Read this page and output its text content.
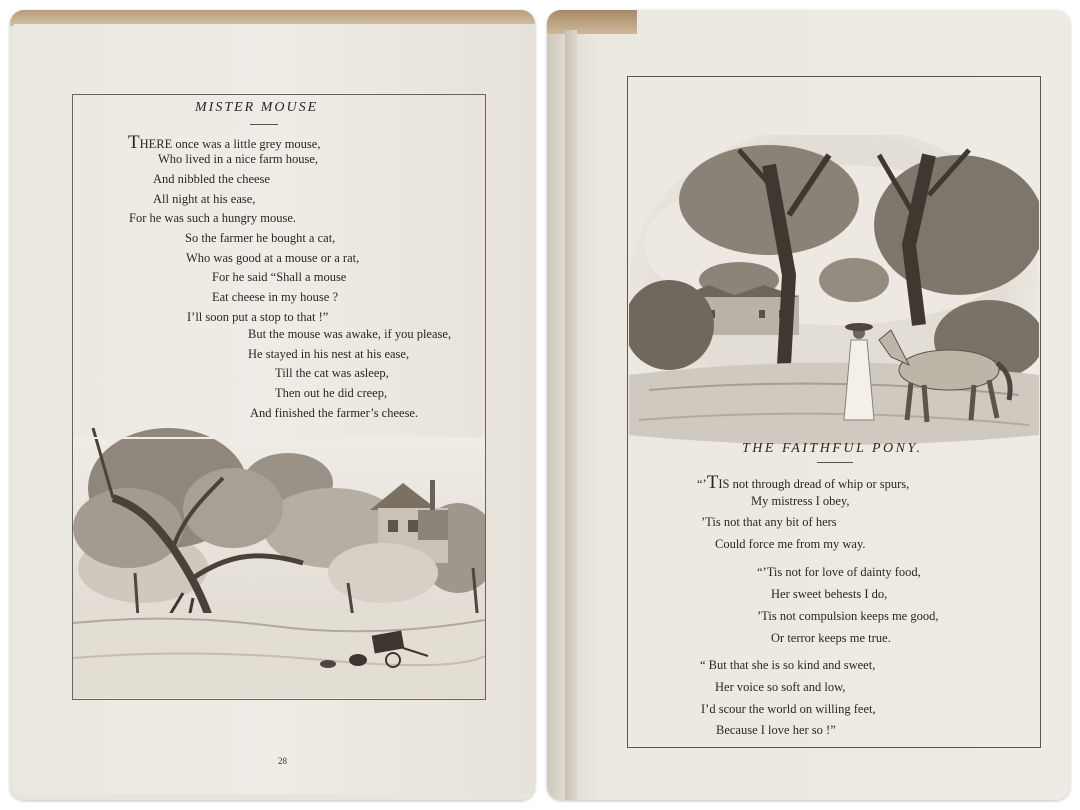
MISTER MOUSE
THERE once was a little grey mouse,
Who lived in a nice farm house,
And nibbled the cheese
All night at his ease,
For he was such a hungry mouse.
So the farmer he bought a cat,
Who was good at a mouse or a rat,
For he said “Shall a mouse
Eat cheese in my house ?
I’ll soon put a stop to that !”
But the mouse was awake, if you please,
He stayed in his nest at his ease,
Till the cat was asleep,
Then out he did creep,
And finished the farmer’s cheese.
28
THE FAITHFUL PONY.
“’TIS not through dread of whip or spurs,
My mistress I obey,
’Tis not that any bit of hers
Could force me from my way.
“’Tis not for love of dainty food,
Her sweet behests I do,
’Tis not compulsion keeps me good,
Or terror keeps me true.
“ But that she is so kind and sweet,
Her voice so soft and low,
I’d scour the world on willing feet,
Because I love her so !”
